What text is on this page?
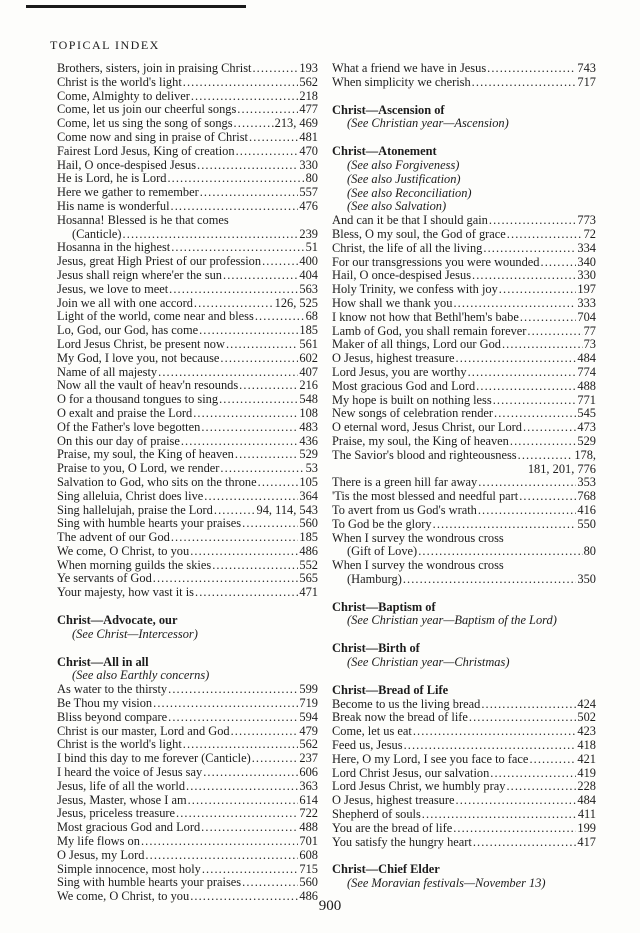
TOPICAL INDEX
Brothers, sisters, join in praising Christ . . .	193
Christ is the world's light . . .	562
Come, Almighty to deliver . . .	218
Come, let us join our cheerful songs . . .	477
Come, let us sing the song of songs . . .	213, 469
Come now and sing in praise of Christ . . .	481
Fairest Lord Jesus, King of creation . . .	470
Hail, O once-despised Jesus . . .	330
He is Lord, he is Lord . . .	80
Here we gather to remember . . .	557
His name is wonderful . . .	476
Hosanna! Blessed is he that comes
(Canticle) . . .	239
Hosanna in the highest . . .	51
Jesus, great High Priest of our profession . . .	400
Jesus shall reign where'er the sun . . .	404
Jesus, we love to meet . . .	563
Join we all with one accord . . .	126, 525
Light of the world, come near and bless . . .	68
Lo, God, our God, has come . . .	185
Lord Jesus Christ, be present now . . .	561
My God, I love you, not because . . .	602
Name of all majesty . . .	407
Now all the vault of heav'n resounds . . .	216
O for a thousand tongues to sing . . .	548
O exalt and praise the Lord . . .	108
Of the Father's love begotten . . .	483
On this our day of praise . . .	436
Praise, my soul, the King of heaven . . .	529
Praise to you, O Lord, we render . . .	53
Salvation to God, who sits on the throne . . .	105
Sing alleluia, Christ does live . . .	364
Sing hallelujah, praise the Lord . . .	94, 114, 543
Sing with humble hearts your praises . . .	560
The advent of our God . . .	185
We come, O Christ, to you . . .	486
When morning guilds the skies . . .	552
Ye servants of God . . .	565
Your majesty, how vast it is . . .	471
Christ—Advocate, our
(See Christ—Intercessor)
Christ—All in all
(See also Earthly concerns)
As water to the thirsty . . .	599
Be Thou my vision . . .	719
Bliss beyond compare . . .	594
Christ is our master, Lord and God . . .	479
Christ is the world's light . . .	562
I bind this day to me forever (Canticle) . . .	237
I heard the voice of Jesus say . . .	606
Jesus, life of all the world . . .	363
Jesus, Master, whose I am . . .	614
Jesus, priceless treasure . . .	722
Most gracious God and Lord . . .	488
My life flows on . . .	701
O Jesus, my Lord . . .	608
Simple innocence, most holy . . .	715
Sing with humble hearts your praises . . .	560
We come, O Christ, to you . . .	486
What a friend we have in Jesus . . .	743
When simplicity we cherish . . .	717
Christ—Ascension of
(See Christian year—Ascension)
Christ—Atonement
(See also Forgiveness)
(See also Justification)
(See also Reconciliation)
(See also Salvation)
And can it be that I should gain . . .	773
Bless, O my soul, the God of grace . . .	72
Christ, the life of all the living . . .	334
For our transgressions you were wounded . . .	340
Hail, O once-despised Jesus . . .	330
Holy Trinity, we confess with joy . . .	197
How shall we thank you . . .	333
I know not how that Bethl'hem's babe . . .	704
Lamb of God, you shall remain forever . . .	77
Maker of all things, Lord our God . . .	73
O Jesus, highest treasure . . .	484
Lord Jesus, you are worthy . . .	774
Most gracious God and Lord . . .	488
My hope is built on nothing less . . .	771
New songs of celebration render . . .	545
O eternal word, Jesus Christ, our Lord . . .	473
Praise, my soul, the King of heaven . . .	529
The Savior's blood and righteousness . . .	178,
181, 201, 776
There is a green hill far away . . .	353
'Tis the most blessed and needful part . . .	768
To avert from us God's wrath . . .	416
To God be the glory . . .	550
When I survey the wondrous cross
(Gift of Love) . . .	80
When I survey the wondrous cross
(Hamburg) . . .	350
Christ—Baptism of
(See Christian year—Baptism of the Lord)
Christ—Birth of
(See Christian year—Christmas)
Christ—Bread of Life
Become to us the living bread . . .	424
Break now the bread of life . . .	502
Come, let us eat . . .	423
Feed us, Jesus . . .	418
Here, O my Lord, I see you face to face . . .	421
Lord Christ Jesus, our salvation . . .	419
Lord Jesus Christ, we humbly pray . . .	228
O Jesus, highest treasure . . .	484
Shepherd of souls . . .	411
You are the bread of life . . .	199
You satisfy the hungry heart . . .	417
Christ—Chief Elder
(See Moravian festivals—November 13)
900
